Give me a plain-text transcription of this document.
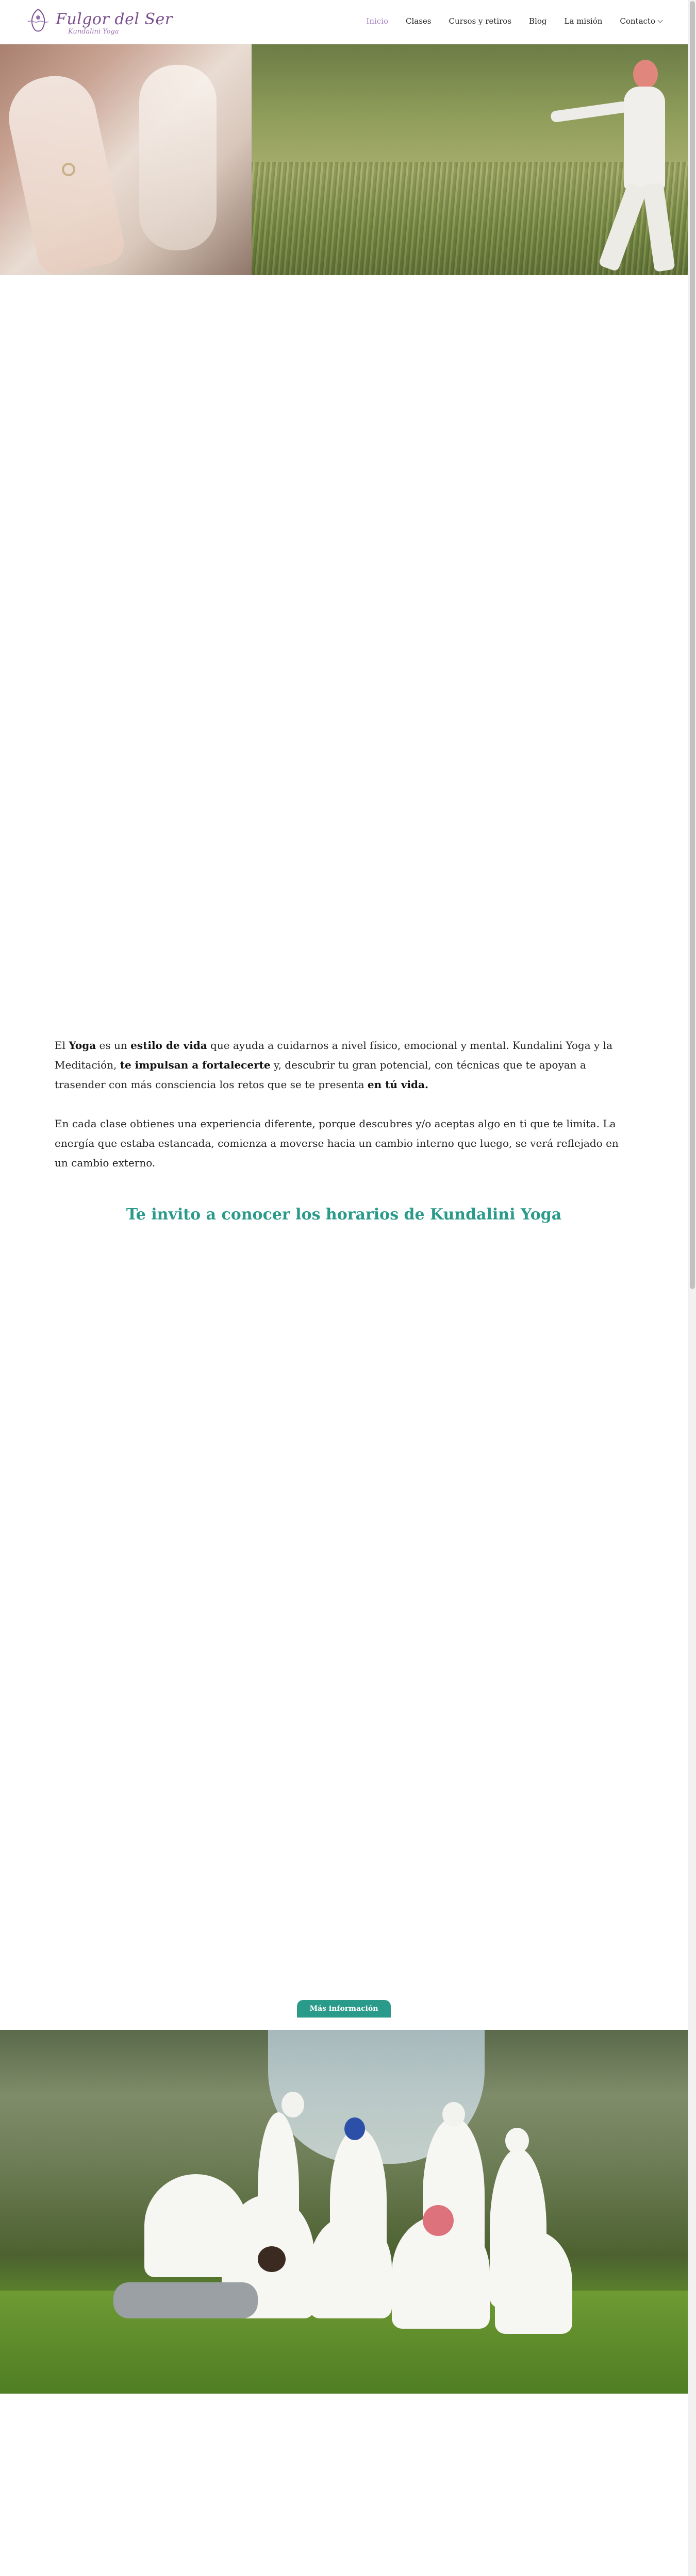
Fulgor del Ser
Kundalini Yoga
Inicio Clases Cursos y retiros Blog La misión Contacto

El Yoga es un estilo de vida que ayuda a cuidarnos a nivel físico, emocional y mental. Kundalini Yoga y la Meditación, te impulsan a fortalecerte y, descubrir tu gran potencial, con técnicas que te apoyan a trasender con más consciencia los retos que se te presenta en tú vida.

En cada clase obtienes una experiencia diferente, porque descubres y/o aceptas algo en ti que te limita. La energía que estaba estancada, comienza a moverse hacia un cambio interno que luego, se verá reflejado en un cambio externo.

Te invito a conocer los horarios de Kundalini Yoga
Más información
